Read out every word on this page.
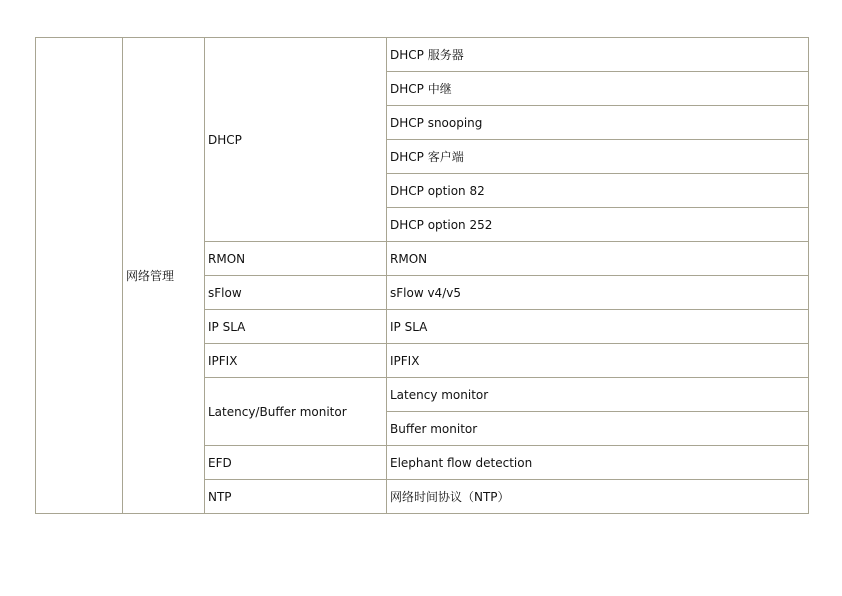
	网络管理	DHCP	DHCP 服务器
			DHCP 中继
			DHCP snooping
			DHCP 客户端
			DHCP option 82
			DHCP option 252
		RMON	RMON
		sFlow	sFlow v4/v5
		IP SLA	IP SLA
		IPFIX	IPFIX
		Latency/Buffer monitor	Latency monitor
			Buffer monitor
		EFD	Elephant flow detection
		NTP	网络时间协议（NTP）
